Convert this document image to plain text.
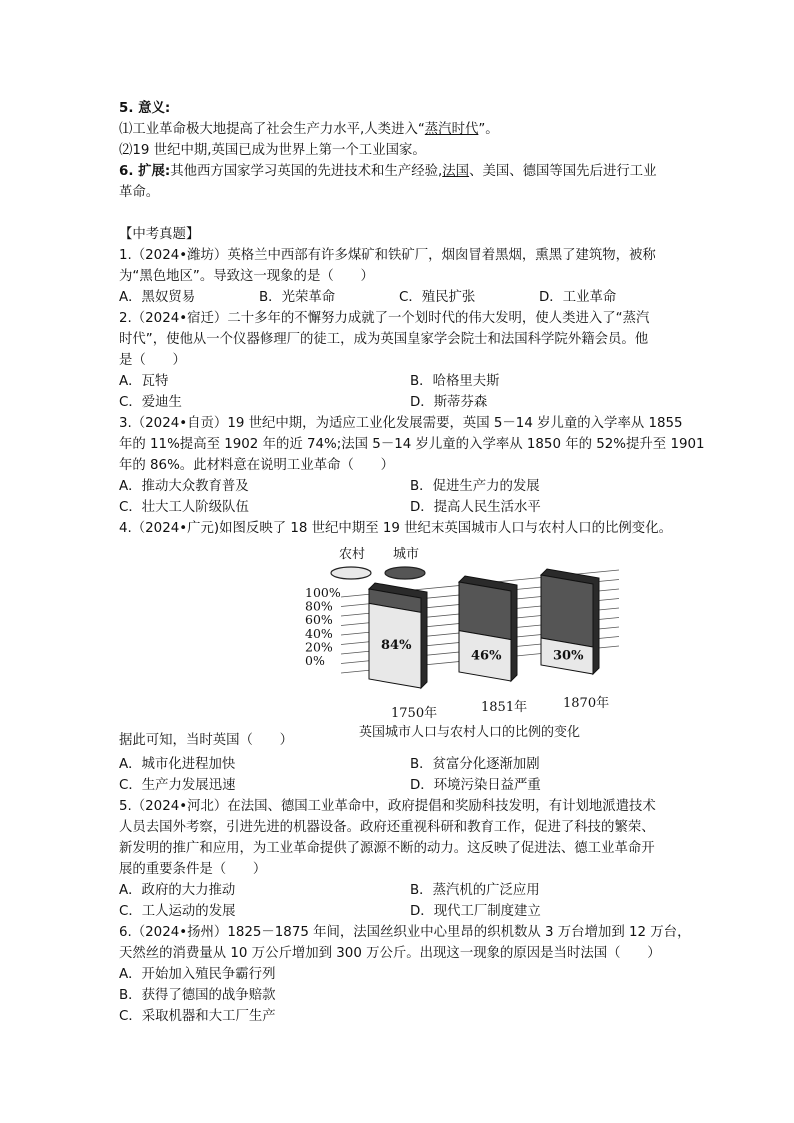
5. 意义:
⑴工业革命极大地提高了社会生产力水平,人类进入“蒸汽时代”。
⑵19 世纪中期,英国已成为世界上第一个工业国家。
6. 扩展:其他西方国家学习英国的先进技术和生产经验,法国、美国、德国等国先后进行工业
革命。
【中考真题】
1.（2024•潍坊）英格兰中西部有许多煤矿和铁矿厂，烟囱冒着黑烟，熏黑了建筑物，被称
为“黑色地区”。导致这一现象的是（　　）
A．黑奴贸易	B．光荣革命	C．殖民扩张	D．工业革命
2.（2024•宿迁）二十多年的不懈努力成就了一个划时代的伟大发明，使人类进入了“蒸汽
时代”，使他从一个仪器修理厂的徒工，成为英国皇家学会院士和法国科学院外籍会员。他
是（　　）
A．瓦特	B．哈格里夫斯
C．爱迪生	D．斯蒂芬森
3.（2024•自贡）19 世纪中期，为适应工业化发展需要，英国 5－14 岁儿童的入学率从 1855
年的 11%提高至 1902 年的近 74%;法国 5－14 岁儿童的入学率从 1850 年的 52%提升至 1901
年的 86%。此材料意在说明工业革命（　　）
A．推动大众教育普及	B．促进生产力的发展
C．壮大工人阶级队伍	D．提高人民生活水平
4.（2024•广元)如图反映了 18 世纪中期至 19 世纪末英国城市人口与农村人口的比例变化。
农村 城市
100%
80%
60%
40%
20%
0%
84%
46%	30%
1750年	1851年	1870年
据此可知，当时英国（　　）
英国城市人口与农村人口的比例的变化
A．城市化进程加快	B．贫富分化逐渐加剧
C．生产力发展迅速	D．环境污染日益严重
5.（2024•河北）在法国、德国工业革命中，政府提倡和奖励科技发明，有计划地派遣技术
人员去国外考察，引进先进的机器设备。政府还重视科研和教育工作，促进了科技的繁荣、
新发明的推广和应用，为工业革命提供了源源不断的动力。这反映了促进法、德工业革命开
展的重要条件是（　　）
A．政府的大力推动	B．蒸汽机的广泛应用
C．工人运动的发展	D．现代工厂制度建立
6.（2024•扬州）1825－1875 年间，法国丝织业中心里昂的织机数从 3 万台增加到 12 万台，
天然丝的消费量从 10 万公斤增加到 300 万公斤。出现这一现象的原因是当时法国（　　）
A．开始加入殖民争霸行列
B．获得了德国的战争赔款
C．采取机器和大工厂生产
